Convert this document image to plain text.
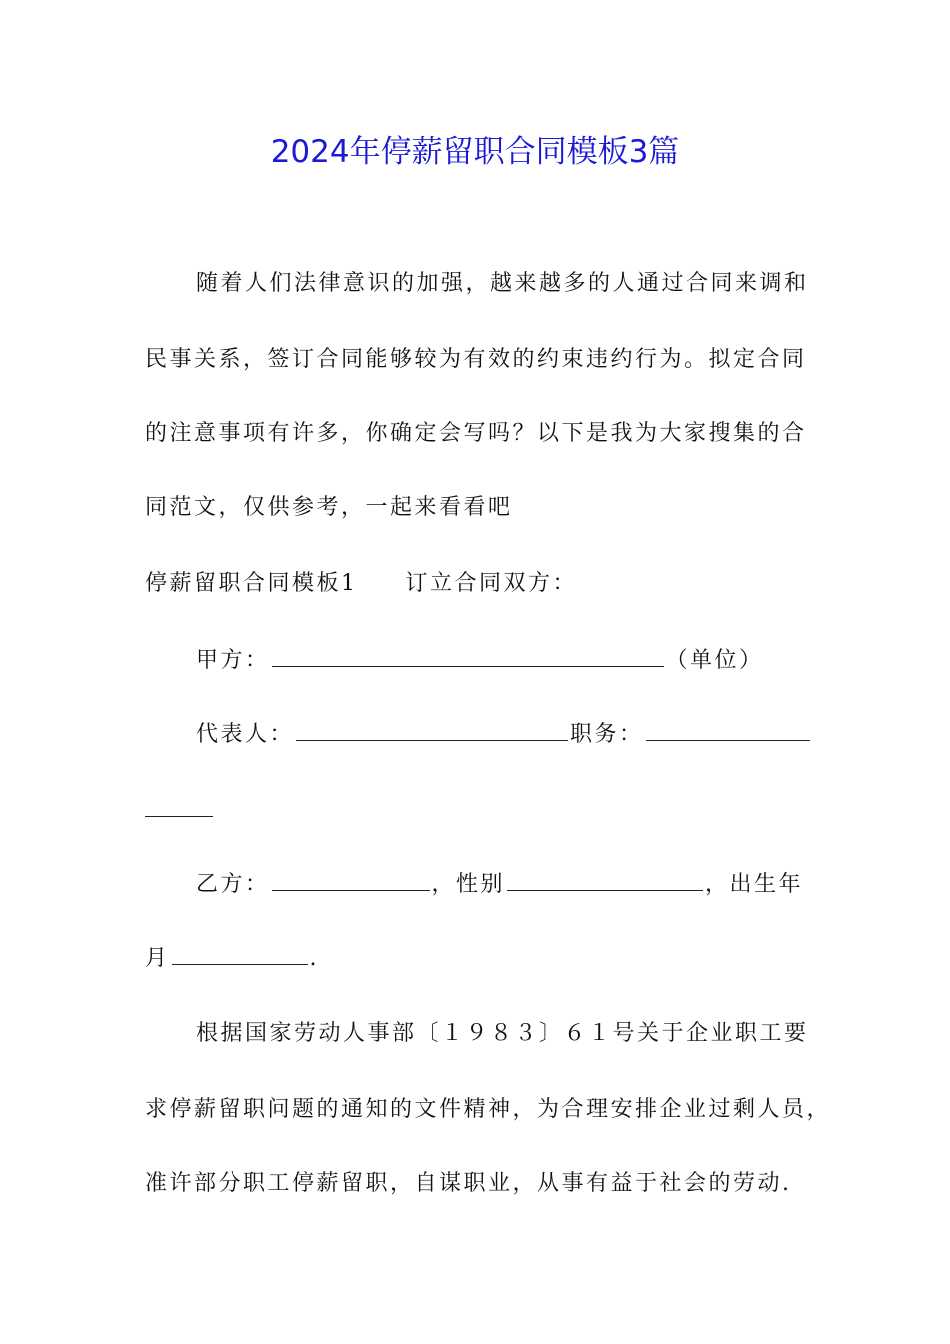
2024年停薪留职合同模板3篇
随着人们法律意识的加强，越来越多的人通过合同来调和
民事关系，签订合同能够较为有效的约束违约行为。拟定合同
的注意事项有许多，你确定会写吗？以下是我为大家搜集的合
同范文，仅供参考，一起来看看吧
停薪留职合同模板1 订立合同双方：
甲方：	（单位）
代表人：	职务：
乙方：	，性别	，出生年
月	.
根据国家劳动人事部〔１９８３〕６１号关于企业职工要
求停薪留职问题的通知的文件精神，为合理安排企业过剩人员，
准许部分职工停薪留职，自谋职业，从事有益于社会的劳动.
